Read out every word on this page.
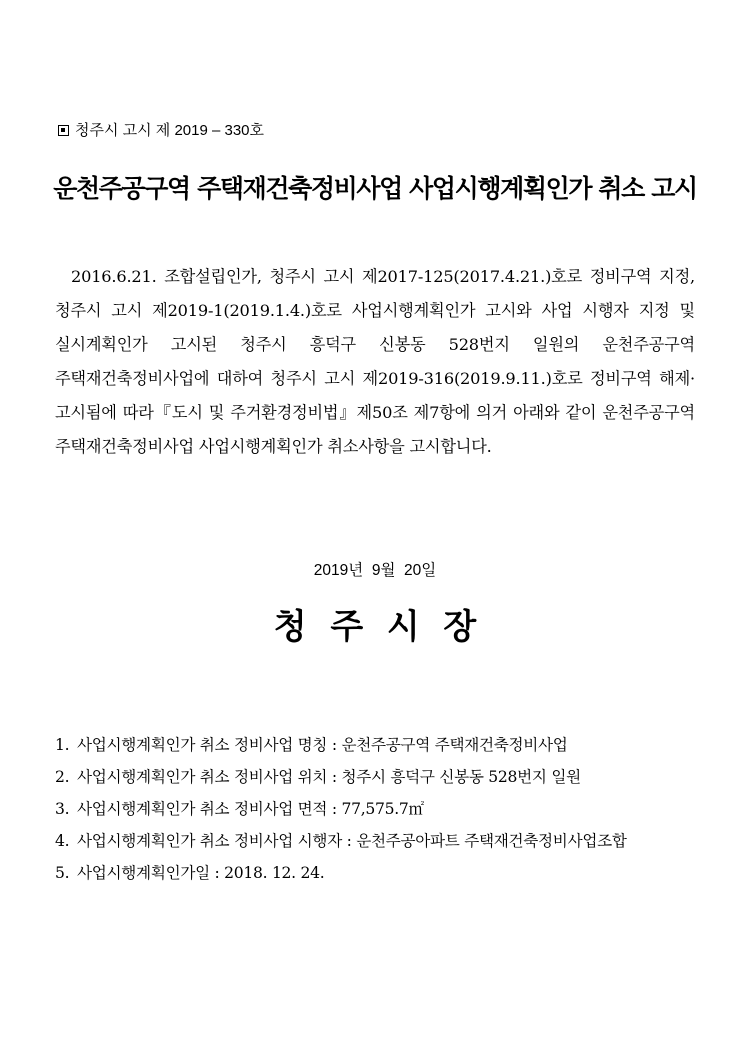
청주시 고시 제 2019 – 330호
운천주공구역 주택재건축정비사업 사업시행계획인가 취소 고시
2016.6.21. 조합설립인가, 청주시 고시 제2017-125(2017.4.21.)호로 정비구역 지정, 청주시 고시 제2019-1(2019.1.4.)호로 사업시행계획인가 고시와 사업 시행자 지정 및 실시계획인가 고시된 청주시 흥덕구 신봉동 528번지 일원의 운천주공구역 주택재건축정비사업에 대하여 청주시 고시 제2019-316(2019.9.11.)호로 정비구역 해제·고시됨에 따라『도시 및 주거환경정비법』제50조 제7항에 의거 아래와 같이 운천주공구역 주택재건축정비사업 사업시행계획인가 취소사항을 고시합니다.
2019년  9월  20일
청  주  시  장
1. 사업시행계획인가 취소 정비사업 명칭 : 운천주공구역 주택재건축정비사업
2. 사업시행계획인가 취소 정비사업 위치 : 청주시 흥덕구 신봉동 528번지 일원
3. 사업시행계획인가 취소 정비사업 면적 : 77,575.7㎡
4. 사업시행계획인가 취소 정비사업 시행자 : 운천주공아파트 주택재건축정비사업조합
5. 사업시행계획인가일 : 2018. 12. 24.
